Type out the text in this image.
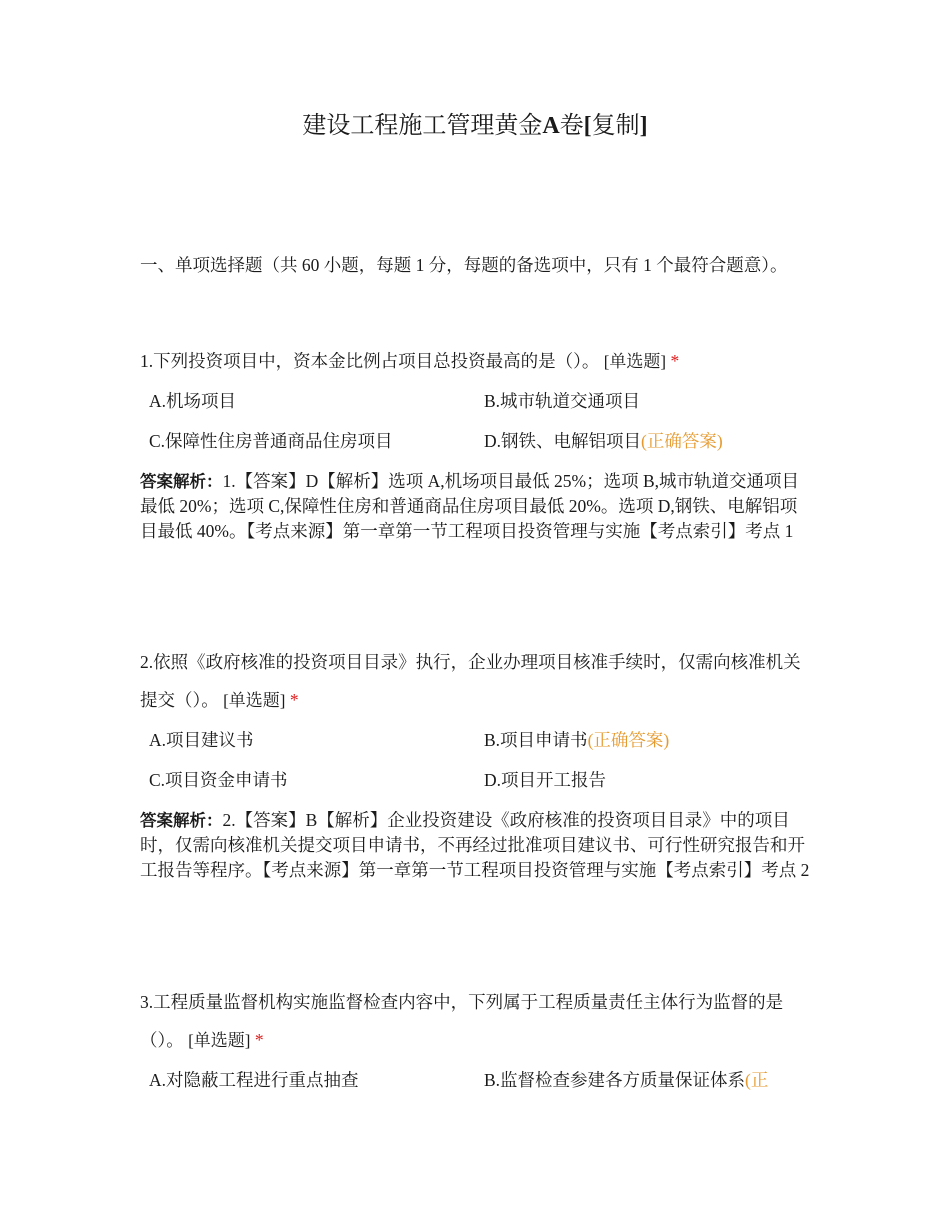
建设工程施工管理黄金A卷[复制]
一、单项选择题（共 60 小题，每题 1 分，每题的备选项中，只有 1 个最符合题意）。

1.下列投资项目中，资本金比例占项目总投资最高的是（）。 [单选题] *

A.机场项目	B.城市轨道交通项目
C.保障性住房普通商品住房项目	D.钢铁、电解铝项目(正确答案)
答案解析：1.【答案】D【解析】选项 A,机场项目最低 25%；选项 B,城市轨道交通项目最低 20%；选项 C,保障性住房和普通商品住房项目最低 20%。选项 D,钢铁、电解铝项目最低 40%。【考点来源】第一章第一节工程项目投资管理与实施【考点索引】考点 1

2.依照《政府核准的投资项目目录》执行，企业办理项目核准手续时，仅需向核准机关提交（）。 [单选题] *

A.项目建议书	B.项目申请书(正确答案)
C.项目资金申请书	D.项目开工报告
答案解析：2.【答案】B【解析】企业投资建设《政府核准的投资项目目录》中的项目时，仅需向核准机关提交项目申请书，不再经过批准项目建议书、可行性研究报告和开工报告等程序。【考点来源】第一章第一节工程项目投资管理与实施【考点索引】考点 2

3.工程质量监督机构实施监督检查内容中，下列属于工程质量责任主体行为监督的是（）。 [单选题] *

A.对隐蔽工程进行重点抽查	B.监督检查参建各方质量保证体系(正
